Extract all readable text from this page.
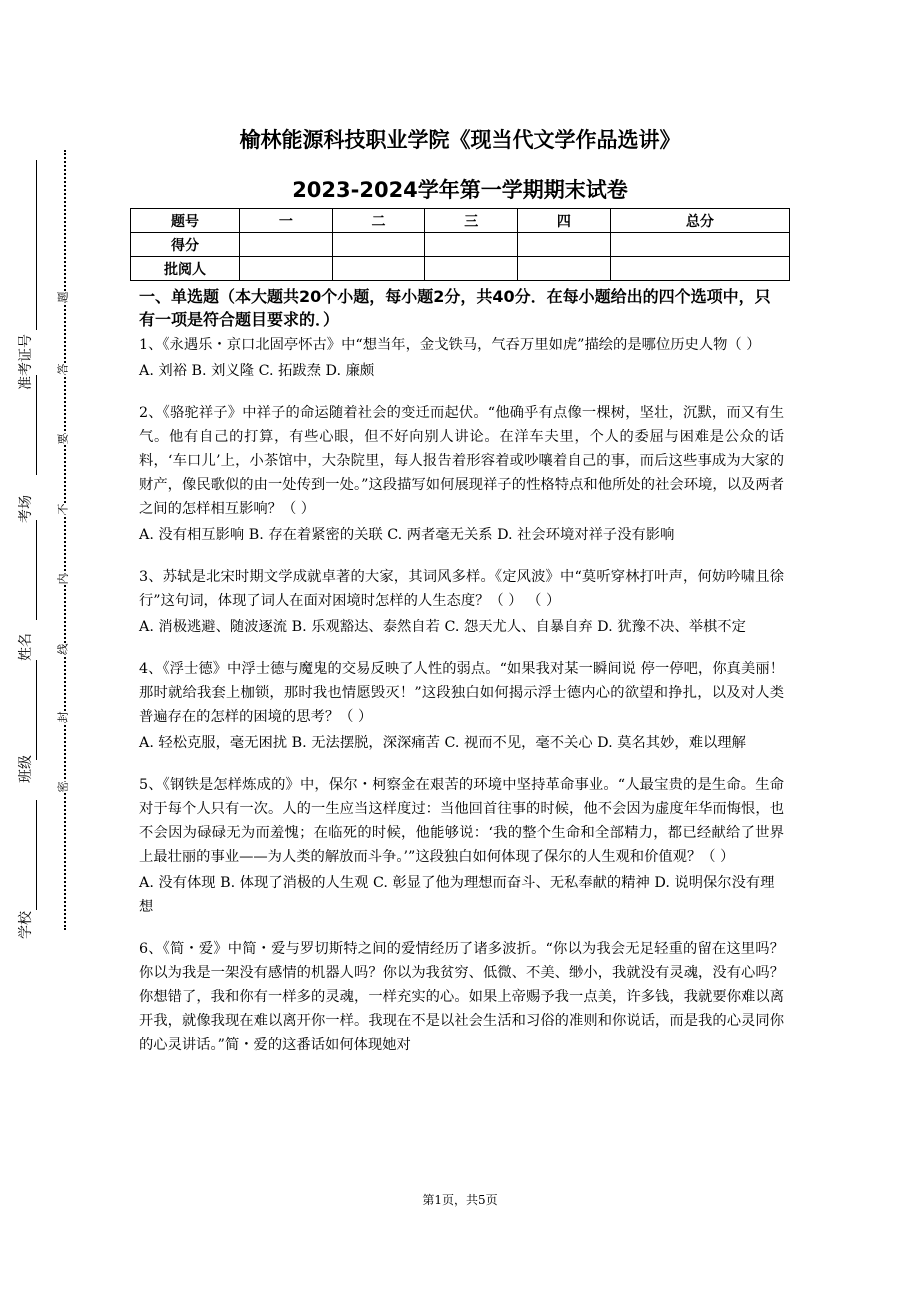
准考证号
考场
姓名
班级
学校
题
答
要
不
内
线
封
密
榆林能源科技职业学院《现当代文学作品选讲》
2023-2024学年第一学期期末试卷
题号	一	二	三	四	总分
得分					
批阅人					
一、单选题（本大题共20个小题，每小题2分，共40分．在每小题给出的四个选项中，只有一项是符合题目要求的．）

1、《永遇乐・京口北固亭怀古》中“想当年，金戈铁马，气吞万里如虎”描绘的是哪位历史人物（ ）

A. 刘裕 B. 刘义隆 C. 拓跋焘 D. 廉颇

2、《骆驼祥子》中祥子的命运随着社会的变迁而起伏。“他确乎有点像一棵树，坚壮，沉默，而又有生气。他有自己的打算，有些心眼，但不好向别人讲论。在洋车夫里，个人的委屈与困难是公众的话料，‘车口儿’上，小茶馆中，大杂院里，每人报告着形容着或吵嚷着自己的事，而后这些事成为大家的财产，像民歌似的由一处传到一处。”这段描写如何展现祥子的性格特点和他所处的社会环境，以及两者之间的怎样相互影响？（ ）

A. 没有相互影响 B. 存在着紧密的关联 C. 两者毫无关系 D. 社会环境对祥子没有影响

3、苏轼是北宋时期文学成就卓著的大家，其词风多样。《定风波》中“莫听穿林打叶声，何妨吟啸且徐行”这句词，体现了词人在面对困境时怎样的人生态度？（ ） （ ）

A. 消极逃避、随波逐流 B. 乐观豁达、泰然自若 C. 怨天尤人、自暴自弃 D. 犹豫不决、举棋不定

4、《浮士德》中浮士德与魔鬼的交易反映了人性的弱点。“如果我对某一瞬间说 停一停吧，你真美丽！那时就给我套上枷锁，那时我也情愿毁灭！”这段独白如何揭示浮士德内心的欲望和挣扎，以及对人类普遍存在的怎样的困境的思考？（ ）

A. 轻松克服，毫无困扰 B. 无法摆脱，深深痛苦 C. 视而不见，毫不关心 D. 莫名其妙，难以理解

5、《钢铁是怎样炼成的》中，保尔・柯察金在艰苦的环境中坚持革命事业。“人最宝贵的是生命。生命对于每个人只有一次。人的一生应当这样度过：当他回首往事的时候，他不会因为虚度年华而悔恨，也不会因为碌碌无为而羞愧；在临死的时候，他能够说：‘我的整个生命和全部精力，都已经献给了世界上最壮丽的事业——为人类的解放而斗争。’”这段独白如何体现了保尔的人生观和价值观？（ ）

A. 没有体现 B. 体现了消极的人生观 C. 彰显了他为理想而奋斗、无私奉献的精神 D. 说明保尔没有理想

6、《简・爱》中简・爱与罗切斯特之间的爱情经历了诸多波折。“你以为我会无足轻重的留在这里吗？你以为我是一架没有感情的机器人吗？你以为我贫穷、低微、不美、缈小，我就没有灵魂，没有心吗？你想错了，我和你有一样多的灵魂，一样充实的心。如果上帝赐予我一点美，许多钱，我就要你难以离开我，就像我现在难以离开你一样。我现在不是以社会生活和习俗的准则和你说话，而是我的心灵同你的心灵讲话。”简・爱的这番话如何体现她对

第1页，共5页
